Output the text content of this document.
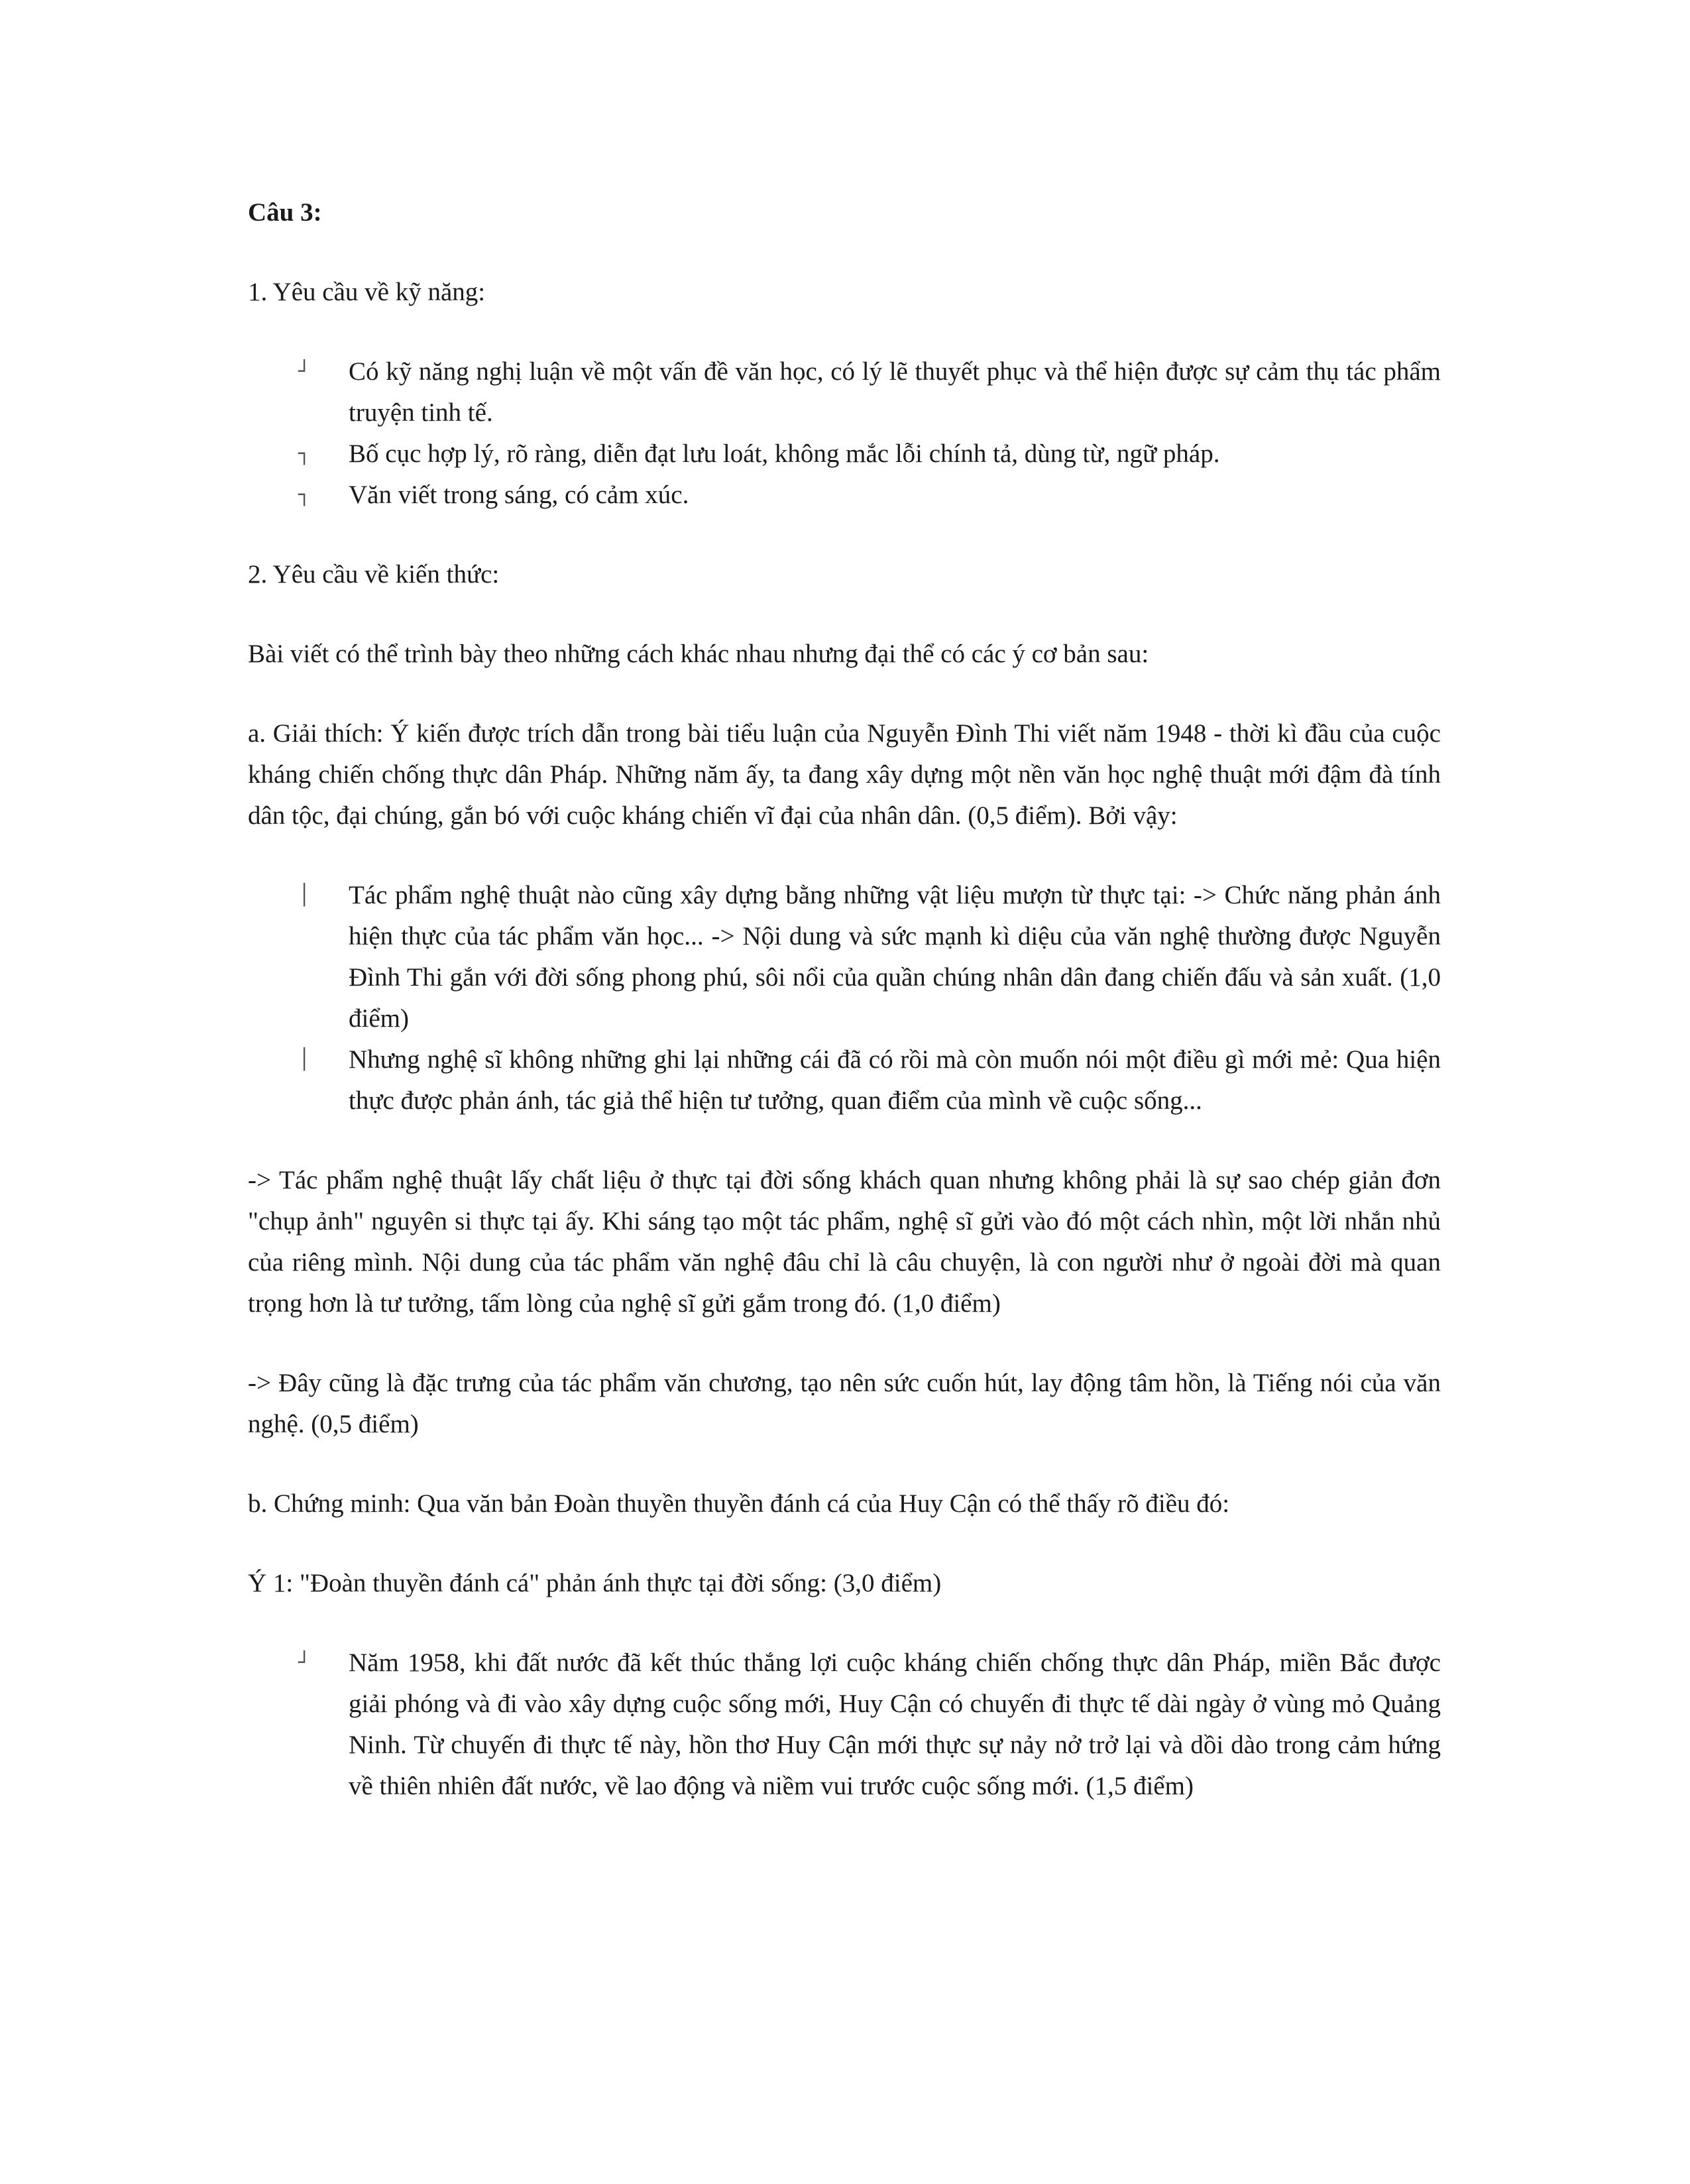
Câu 3:
1. Yêu cầu về kỹ năng:
┘	Có kỹ năng nghị luận về một vấn đề văn học, có lý lẽ thuyết phục và thể hiện được sự cảm thụ tác phẩm truyện tinh tế.
┐	Bố cục hợp lý, rõ ràng, diễn đạt lưu loát, không mắc lỗi chính tả, dùng từ, ngữ pháp.
┐	Văn viết trong sáng, có cảm xúc.
2. Yêu cầu về kiến thức:
Bài viết có thể trình bày theo những cách khác nhau nhưng đại thể có các ý cơ bản sau:
a. Giải thích: Ý kiến được trích dẫn trong bài tiểu luận của Nguyễn Đình Thi viết năm 1948 - thời kì đầu của cuộc kháng chiến chống thực dân Pháp. Những năm ấy, ta đang xây dựng một nền văn học nghệ thuật mới đậm đà tính dân tộc, đại chúng, gắn bó với cuộc kháng chiến vĩ đại của nhân dân. (0,5 điểm). Bởi vậy:
│	Tác phẩm nghệ thuật nào cũng xây dựng bằng những vật liệu mượn từ thực tại: -> Chức năng phản ánh hiện thực của tác phẩm văn học... -> Nội dung và sức mạnh kì diệu của văn nghệ thường được Nguyễn Đình Thi gắn với đời sống phong phú, sôi nổi của quần chúng nhân dân đang chiến đấu và sản xuất. (1,0 điểm)
│	Nhưng nghệ sĩ không những ghi lại những cái đã có rồi mà còn muốn nói một điều gì mới mẻ: Qua hiện thực được phản ánh, tác giả thể hiện tư tưởng, quan điểm của mình về cuộc sống...
-> Tác phẩm nghệ thuật lấy chất liệu ở thực tại đời sống khách quan nhưng không phải là sự sao chép giản đơn "chụp ảnh" nguyên si thực tại ấy. Khi sáng tạo một tác phẩm, nghệ sĩ gửi vào đó một cách nhìn, một lời nhắn nhủ của riêng mình. Nội dung của tác phẩm văn nghệ đâu chỉ là câu chuyện, là con người như ở ngoài đời mà quan trọng hơn là tư tưởng, tấm lòng của nghệ sĩ gửi gắm trong đó. (1,0 điểm)
-> Đây cũng là đặc trưng của tác phẩm văn chương, tạo nên sức cuốn hút, lay động tâm hồn, là Tiếng nói của văn nghệ. (0,5 điểm)
b. Chứng minh: Qua văn bản Đoàn thuyền thuyền đánh cá của Huy Cận có thể thấy rõ điều đó:
Ý 1: "Đoàn thuyền đánh cá" phản ánh thực tại đời sống: (3,0 điểm)
┘	Năm 1958, khi đất nước đã kết thúc thắng lợi cuộc kháng chiến chống thực dân Pháp, miền Bắc được giải phóng và đi vào xây dựng cuộc sống mới, Huy Cận có chuyến đi thực tế dài ngày ở vùng mỏ Quảng Ninh. Từ chuyến đi thực tế này, hồn thơ Huy Cận mới thực sự nảy nở trở lại và dồi dào trong cảm hứng về thiên nhiên đất nước, về lao động và niềm vui trước cuộc sống mới. (1,5 điểm)
